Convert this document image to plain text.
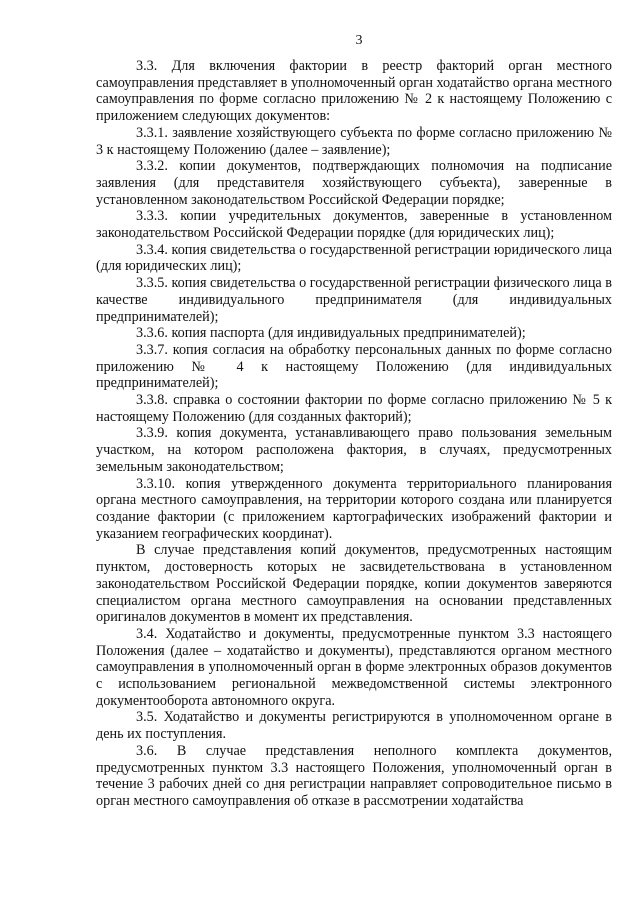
3

3.3. Для включения фактории в реестр факторий орган местного самоуправления представляет в уполномоченный орган ходатайство органа местного самоуправления по форме согласно приложению № 2 к настоящему Положению с приложением следующих документов:

3.3.1. заявление хозяйствующего субъекта по форме согласно приложению № 3 к настоящему Положению (далее – заявление);

3.3.2. копии документов, подтверждающих полномочия на подписание заявления (для представителя хозяйствующего субъекта), заверенные в установленном законодательством Российской Федерации порядке;

3.3.3. копии учредительных документов, заверенные в установленном законодательством Российской Федерации порядке (для юридических лиц);

3.3.4. копия свидетельства о государственной регистрации юридического лица (для юридических лиц);

3.3.5. копия свидетельства о государственной регистрации физического лица в качестве индивидуального предпринимателя (для индивидуальных предпринимателей);

3.3.6. копия паспорта (для индивидуальных предпринимателей);

3.3.7. копия согласия на обработку персональных данных по форме согласно приложению № 4 к настоящему Положению (для индивидуальных предпринимателей);

3.3.8. справка о состоянии фактории по форме согласно приложению № 5 к настоящему Положению (для созданных факторий);

3.3.9. копия документа, устанавливающего право пользования земельным участком, на котором расположена фактория, в случаях, предусмотренных земельным законодательством;

3.3.10. копия утвержденного документа территориального планирования органа местного самоуправления, на территории которого создана или планируется создание фактории (с приложением картографических изображений фактории и указанием географических координат).

В случае представления копий документов, предусмотренных настоящим пунктом, достоверность которых не засвидетельствована в установленном законодательством Российской Федерации порядке, копии документов заверяются специалистом органа местного самоуправления на основании представленных оригиналов документов в момент их представления.

3.4. Ходатайство и документы, предусмотренные пунктом 3.3 настоящего Положения (далее – ходатайство и документы), представляются органом местного самоуправления в уполномоченный орган в форме электронных образов документов с использованием региональной межведомственной системы электронного документооборота автономного округа.

3.5. Ходатайство и документы регистрируются в уполномоченном органе в день их поступления.

3.6. В случае представления неполного комплекта документов, предусмотренных пунктом 3.3 настоящего Положения, уполномоченный орган в течение 3 рабочих дней со дня регистрации направляет сопроводительное письмо в орган местного самоуправления об отказе в рассмотрении ходатайства
